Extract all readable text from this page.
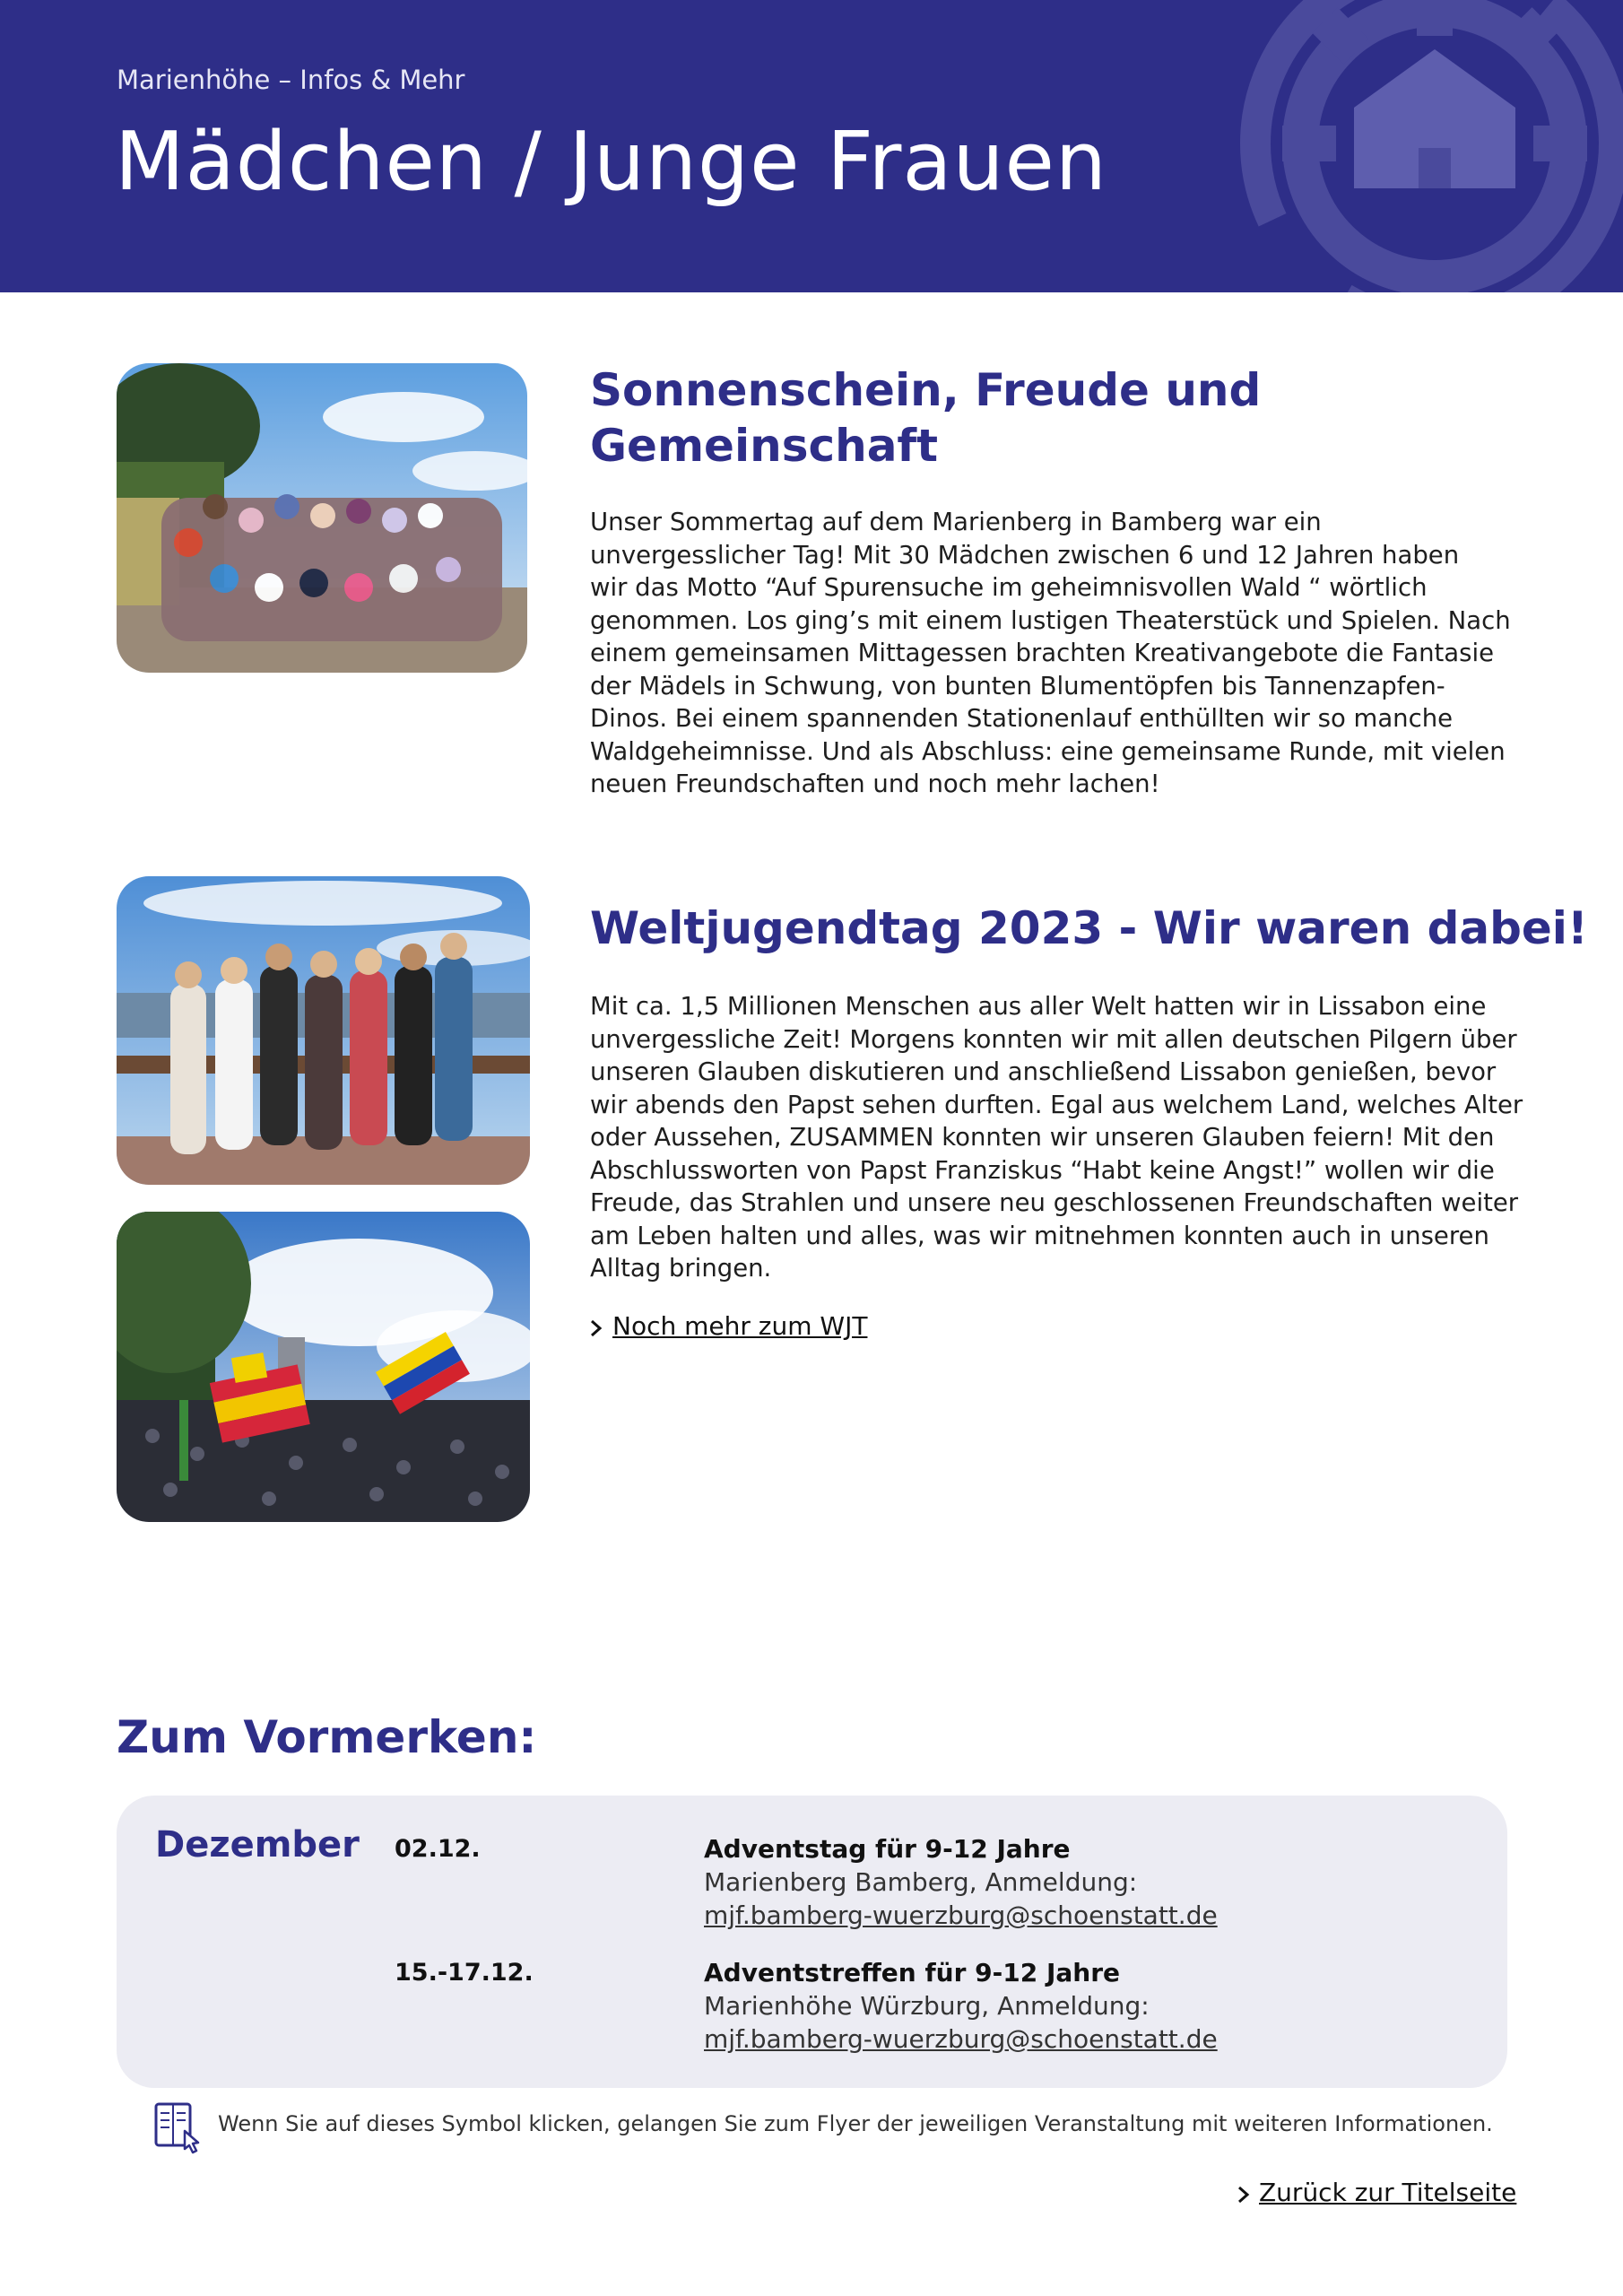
Marienhöhe – Infos & Mehr
Mädchen / Junge Frauen
Sonnenschein, Freude und
Gemeinschaft

Unser Sommertag auf dem Marienberg in Bamberg war ein
unvergesslicher Tag! Mit 30 Mädchen zwischen 6 und 12 Jahren haben
wir das Motto “Auf Spurensuche im geheimnisvollen Wald “ wörtlich
genommen. Los ging’s mit einem lustigen Theaterstück und Spielen. Nach
einem gemeinsamen Mittagessen brachten Kreativangebote die Fantasie
der Mädels in Schwung, von bunten Blumentöpfen bis Tannenzapfen-
Dinos. Bei einem spannenden Stationenlauf enthüllten wir so manche
Waldgeheimnisse. Und als Abschluss: eine gemeinsame Runde, mit vielen
neuen Freundschaften und noch mehr lachen!

Weltjugendtag 2023 - Wir waren dabei!

Mit ca. 1,5 Millionen Menschen aus aller Welt hatten wir in Lissabon eine
unvergessliche Zeit! Morgens konnten wir mit allen deutschen Pilgern über
unseren Glauben diskutieren und anschließend Lissabon genießen, bevor
wir abends den Papst sehen durften. Egal aus welchem Land, welches Alter
oder Aussehen, ZUSAMMEN konnten wir unseren Glauben feiern! Mit den
Abschlussworten von Papst Franziskus “Habt keine Angst!” wollen wir die
Freude, das Strahlen und unsere neu geschlossenen Freundschaften weiter
am Leben halten und alles, was wir mitnehmen konnten auch in unseren
Alltag bringen.

Noch mehr zum WJT
Zum Vormerken:
Dezember 02.12.	Adventstag für 9-12 Jahre
Marienberg Bamberg, Anmeldung:
mjf.bamberg-wuerzburg@schoenstatt.de
15.-17.12.	Adventstreffen für 9-12 Jahre
Marienhöhe Würzburg, Anmeldung:
mjf.bamberg-wuerzburg@schoenstatt.de
Wenn Sie auf dieses Symbol klicken, gelangen Sie zum Flyer der jeweiligen Veranstaltung mit weiteren Informationen.
Zurück zur Titelseite
